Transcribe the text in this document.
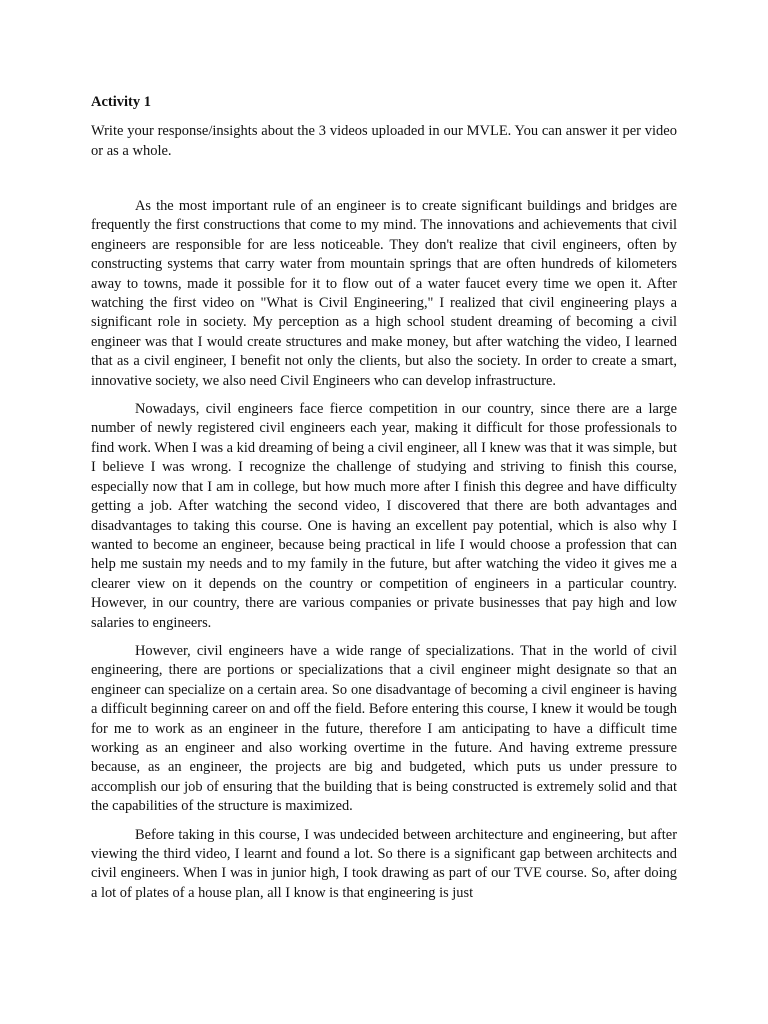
Activity 1

Write your response/insights about the 3 videos uploaded in our MVLE. You can answer it per video or as a whole.

As the most important rule of an engineer is to create significant buildings and bridges are frequently the first constructions that come to my mind. The innovations and achievements that civil engineers are responsible for are less noticeable. They don't realize that civil engineers, often by constructing systems that carry water from mountain springs that are often hundreds of kilometers away to towns, made it possible for it to flow out of a water faucet every time we open it. After watching the first video on "What is Civil Engineering," I realized that civil engineering plays a significant role in society. My perception as a high school student dreaming of becoming a civil engineer was that I would create structures and make money, but after watching the video, I learned that as a civil engineer, I benefit not only the clients, but also the society. In order to create a smart, innovative society, we also need Civil Engineers who can develop infrastructure.

Nowadays, civil engineers face fierce competition in our country, since there are a large number of newly registered civil engineers each year, making it difficult for those professionals to find work. When I was a kid dreaming of being a civil engineer, all I knew was that it was simple, but I believe I was wrong. I recognize the challenge of studying and striving to finish this course, especially now that I am in college, but how much more after I finish this degree and have difficulty getting a job. After watching the second video, I discovered that there are both advantages and disadvantages to taking this course. One is having an excellent pay potential, which is also why I wanted to become an engineer, because being practical in life I would choose a profession that can help me sustain my needs and to my family in the future, but after watching the video it gives me a clearer view on it depends on the country or competition of engineers in a particular country. However, in our country, there are various companies or private businesses that pay high and low salaries to engineers.

However, civil engineers have a wide range of specializations. That in the world of civil engineering, there are portions or specializations that a civil engineer might designate so that an engineer can specialize on a certain area. So one disadvantage of becoming a civil engineer is having a difficult beginning career on and off the field. Before entering this course, I knew it would be tough for me to work as an engineer in the future, therefore I am anticipating to have a difficult time working as an engineer and also working overtime in the future. And having extreme pressure because, as an engineer, the projects are big and budgeted, which puts us under pressure to accomplish our job of ensuring that the building that is being constructed is extremely solid and that the capabilities of the structure is maximized.

Before taking in this course, I was undecided between architecture and engineering, but after viewing the third video, I learnt and found a lot. So there is a significant gap between architects and civil engineers. When I was in junior high, I took drawing as part of our TVE course. So, after doing a lot of plates of a house plan, all I know is that engineering is just
